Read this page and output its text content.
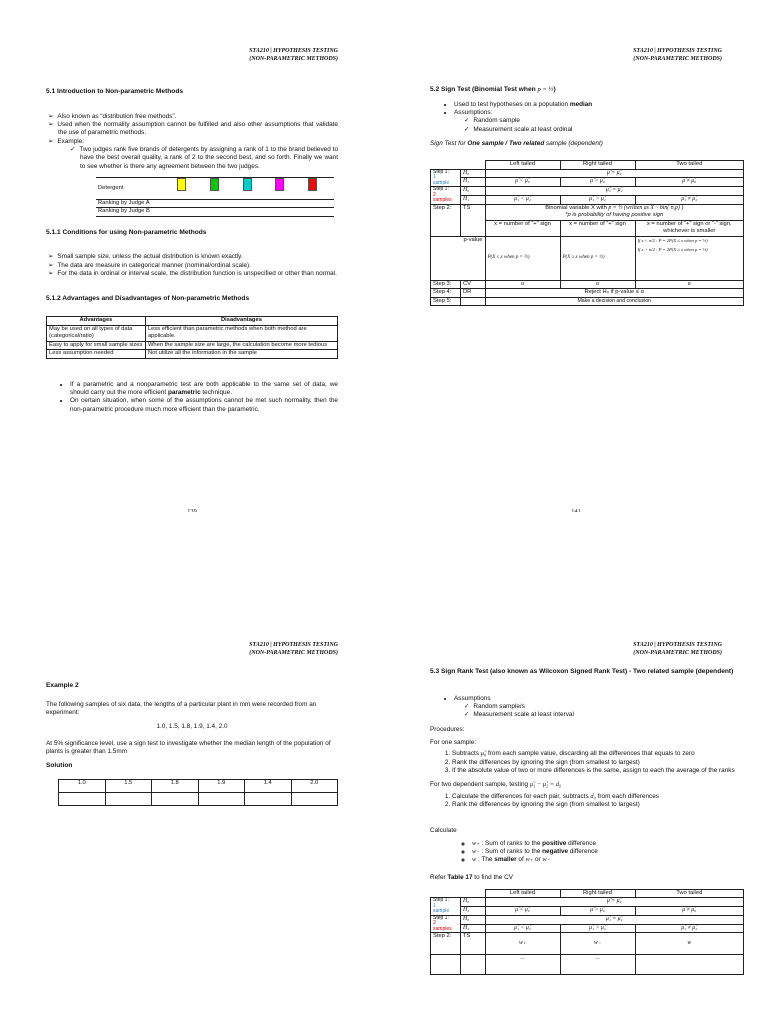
STA210 | HYPOTHESIS TESTING
(NON-PARAMETRIC METHODS)
5.1 Introduction to Non-parametric Methods
➢ Also known as “distribution free methods”.
➢ Used when the normality assumption cannot be fulfilled and also other assumptions that validate the use of parametric methods.
➢ Example:
✓ Two judges rank five brands of detergents by assigning a rank of 1 to the brand believed to have the best overall quality, a rank of 2 to the second best, and so forth. Finally we want to see whether is there any agreement between the two judges.
Detergent	
Ranking by Judge A	
Ranking by Judge B	
5.1.1 Conditions for using Non-parametric Methods
➢ Small sample size, unless the actual distribution is known exactly.
➢ The data are measure in categorical manner (nominal/ordinal scale).
➢ For the data in ordinal or interval scale, the distribution function is unspecified or other than normal.
5.1.2 Advantages and Disadvantages of Non-parametric Methods
Advantages	Disadvantages
May be used on all types of data (categorical/ratio)	Less efficient than parametric methods when both method are applicable.
Easy to apply for small sample sizes	When the sample size are large, the calculation become more tedious
Less assumption needed	Not utilize all the information in the sample
• If a parametric and a nonparametric test are both applicable to the same set of data, we should carry out the more efficient parametric technique.
• On certain situation, when some of the assumptions cannot be met such normality, then the non-parametric procedure much more efficient than the parametric.
139
STA210 | HYPOTHESIS TESTING
(NON-PARAMETRIC METHODS)
5.2 Sign Test (Binomial Test when p = ½)
• Used to test hypotheses on a population median
• Assumptions:
✓ Random sample
✓ Measurement scale at least ordinal

Sign Test for One sample / Two related sample (dependent)

		Left tailed	Right tailed	Two tailed
Step 1:
1
sample	H₀	μ̃ = μ̃₀		
	H₁	μ̃ < μ̃₀	μ̃ > μ̃₀	μ̃ ≠ μ̃₀
Step 1:
2
samples	H₀	μ̃₁ = μ̃₂		
	H₁	μ̃₁ < μ̃₂	μ̃₁ > μ̃₂	μ̃₁ ≠ μ̃₂
Step 2:	TS	Binomial variable X with p = ½ (written as X ~ bin( n,p) )
*p is probability of having positive sign		
		x = number of “+” sign	x = number of “+” sign	x = number of “+” sign or “-” sign, whichever is smaller
p-value		P(X ≤ x when p = ½)	P(X ≥ x when p = ½)	If x < n/2 : P = 2P(X ≤ x when p = ½)
If x > n/2 : P = 2P(X ≥ x when p = ½)
Step 3:	CV	α	α	α
Step 4:	DR	Reject H₀ if p-value ≤ α		
Step 5:		Make a decision and conclusion		
141
STA210 | HYPOTHESIS TESTING
(NON-PARAMETRIC METHODS)
Example 2

The following samples of six data, the lengths of a particular plant in mm were recorded from an experiment:

1.0, 1.5, 1.8, 1.9, 1.4, 2.0

At 5% significance level, use a sign test to investigate whether the median length of the population of plants is greater than 1.5mm

Solution
1.0	1.5	1.8	1.9	1.4	2.0

STA210 | HYPOTHESIS TESTING
(NON-PARAMETRIC METHODS)
5.3 Sign Rank Test (also known as Wilcoxon Signed Rank Test) - Two related sample (dependent)
• Assumptions
✓ Random sample/s
✓ Measurement scale at least interval

Procedures:

For one sample:

1. Subtracts μ̃₀ from each sample value, discarding all the differences that equals to zero
2. Rank the differences by ignoring the sign (from smallest to largest)
3. If the absolute value of two or more differences is the same, assign to each the average of the ranks

For two dependent sample, testing μ̃₁ − μ̃₂ = d₀

1. Calculate the differences for each pair, subtracts d₀ from each differences
2. Rank the differences by ignoring the sign (from smallest to largest)

Calculate

◦ w₊ : Sum of ranks to the positive difference
◦ w₋ : Sum of ranks to the negative difference
◦ w : The smaller of w₊ or w₋

Refer Table 17 to find the CV

		Left tailed	Right tailed	Two tailed
Step 1:
1
sample	H₀	μ̃ = μ̃₀		
	H₁	μ̃ < μ̃₀	μ̃ > μ̃₀	μ̃ ≠ μ̃₀
Step 1:
2
samples	H₀	μ̃₁ = μ̃₂		
	H₁	μ̃₁ < μ̃₂	μ̃₁ > μ̃₂	μ̃₁ ≠ μ̃₂
Step 2:	TS	w₊	w₋	w
		...	...	
